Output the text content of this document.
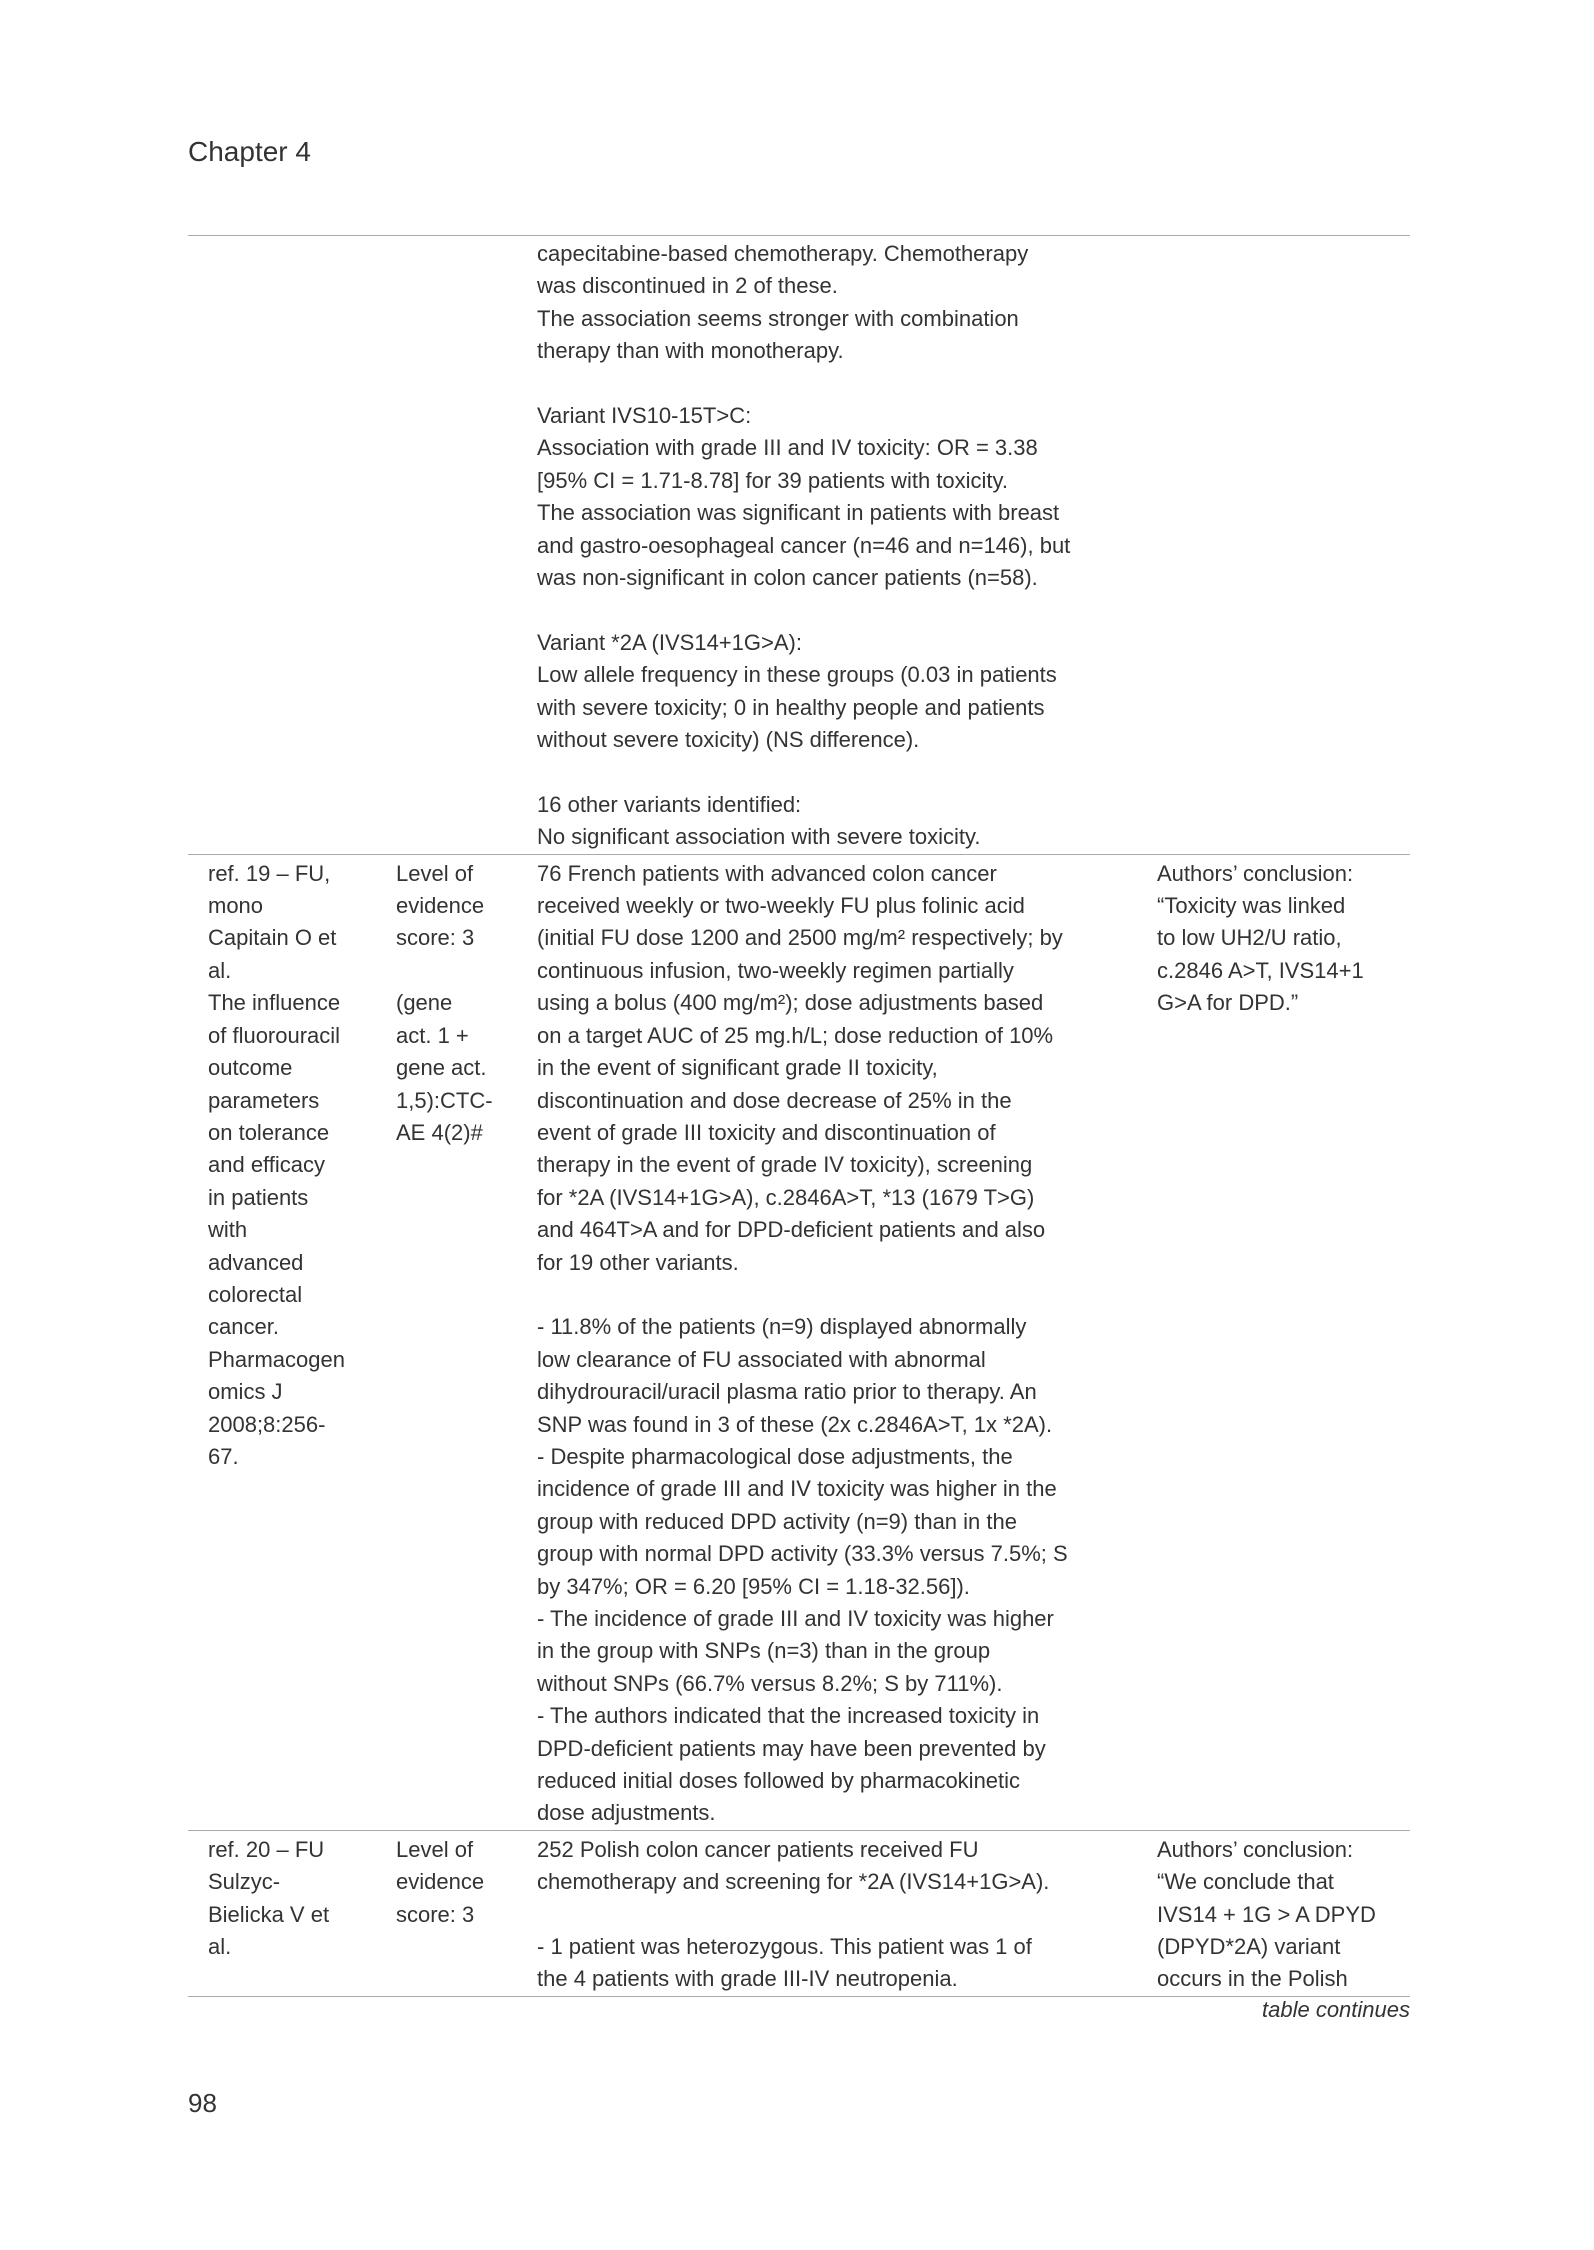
Chapter 4
capecitabine-based chemotherapy. Chemotherapy
was discontinued in 2 of these.
The association seems stronger with combination
therapy than with monotherapy.
Variant IVS10-15T>C:
Association with grade III and IV toxicity: OR = 3.38
[95% CI = 1.71-8.78] for 39 patients with toxicity.
The association was significant in patients with breast
and gastro-oesophageal cancer (n=46 and n=146), but
was non-significant in colon cancer patients (n=58).
Variant *2A (IVS14+1G>A):
Low allele frequency in these groups (0.03 in patients
with severe toxicity; 0 in healthy people and patients
without severe toxicity) (NS difference).
16 other variants identified:
No significant association with severe toxicity.
ref. 19 – FU,
mono
Capitain O et
al.
The influence
of fluorouracil
outcome
parameters
on tolerance
and efficacy
in patients
with
advanced
colorectal
cancer.
Pharmacogen
omics J
2008;8:256-
67.
Level of
evidence
score: 3

(gene
act. 1 +
gene act.
1,5):CTC-
AE 4(2)#
76 French patients with advanced colon cancer
received weekly or two-weekly FU plus folinic acid
(initial FU dose 1200 and 2500 mg/m² respectively; by
continuous infusion, two-weekly regimen partially
using a bolus (400 mg/m²); dose adjustments based
on a target AUC of 25 mg.h/L; dose reduction of 10%
in the event of significant grade II toxicity,
discontinuation and dose decrease of 25% in the
event of grade III toxicity and discontinuation of
therapy in the event of grade IV toxicity), screening
for *2A (IVS14+1G>A), c.2846A>T, *13 (1679 T>G)
and 464T>A and for DPD-deficient patients and also
for 19 other variants.
- 11.8% of the patients (n=9) displayed abnormally
low clearance of FU associated with abnormal
dihydrouracil/uracil plasma ratio prior to therapy. An
SNP was found in 3 of these (2x c.2846A>T, 1x *2A).
- Despite pharmacological dose adjustments, the
incidence of grade III and IV toxicity was higher in the
group with reduced DPD activity (n=9) than in the
group with normal DPD activity (33.3% versus 7.5%; S
by 347%; OR = 6.20 [95% CI = 1.18-32.56]).
- The incidence of grade III and IV toxicity was higher
in the group with SNPs (n=3) than in the group
without SNPs (66.7% versus 8.2%; S by 711%).
- The authors indicated that the increased toxicity in
DPD-deficient patients may have been prevented by
reduced initial doses followed by pharmacokinetic
dose adjustments.
Authors’ conclusion:
“Toxicity was linked
to low UH2/U ratio,
c.2846 A>T, IVS14+1
G>A for DPD.”
ref. 20 – FU
Sulzyc-
Bielicka V et
al.
Level of
evidence
score: 3
252 Polish colon cancer patients received FU
chemotherapy and screening for *2A (IVS14+1G>A).
- 1 patient was heterozygous. This patient was 1 of
the 4 patients with grade III-IV neutropenia.
Authors’ conclusion:
“We conclude that
IVS14 + 1G > A DPYD
(DPYD*2A) variant
occurs in the Polish
table continues
98
